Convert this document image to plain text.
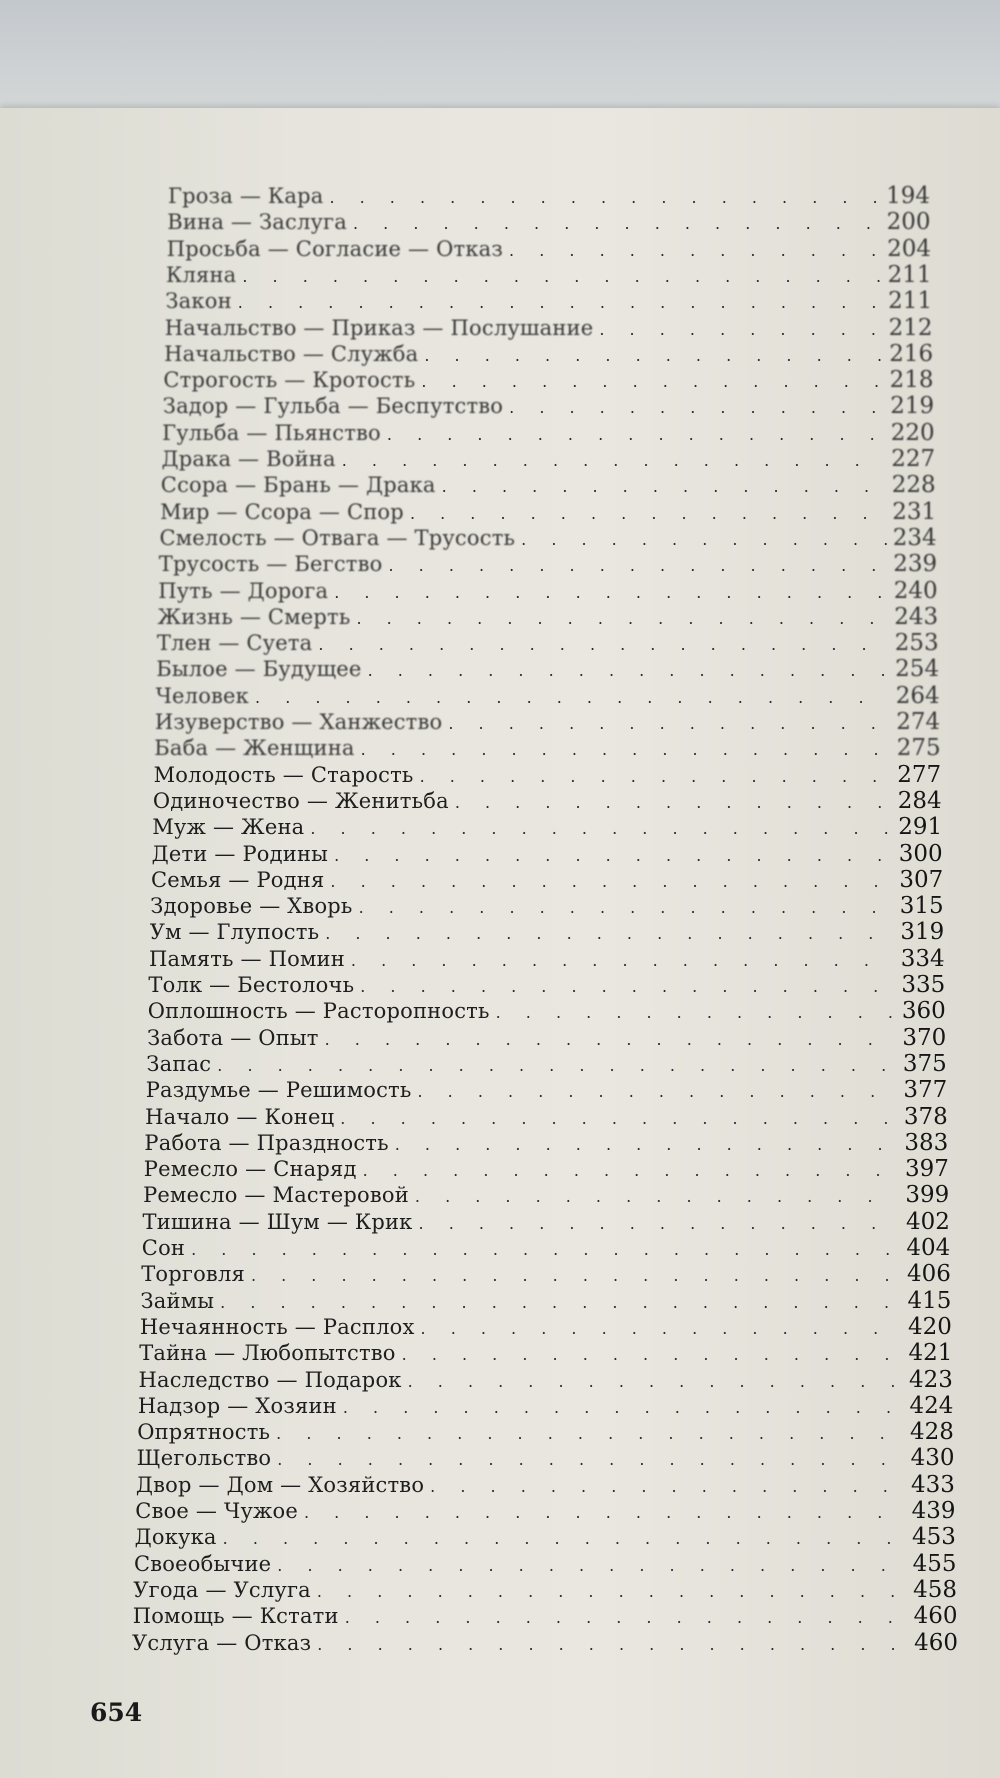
Гроза — Кара . . .	194
Вина — Заслуга . . .	200
Просьба — Согласие — Отказ . . .	204
Кляна . . .	211
Закон . . .	211
Начальство — Приказ — Послушание . . .	212
Начальство — Служба . . .	216
Строгость — Кротость . . .	218
Задор — Гульба — Беспутство . . .	219
Гульба — Пьянство . . .	220
Драка — Война . . .	227
Ссора — Брань — Драка . . .	228
Мир — Ссора — Спор . . .	231
Смелость — Отвага — Трусость . . .	234
Трусость — Бегство . . .	239
Путь — Дорога . . .	240
Жизнь — Смерть . . .	243
Тлен — Суета . . .	253
Былое — Будущее . . .	254
Человек . . .	264
Изуверство — Ханжество . . .	274
Баба — Женщина . . .	275
Молодость — Старость . . .	277
Одиночество — Женитьба . . .	284
Муж — Жена . . .	291
Дети — Родины . . .	300
Семья — Родня . . .	307
Здоровье — Хворь . . .	315
Ум — Глупость . . .	319
Память — Помин . . .	334
Толк — Бестолочь . . .	335
Оплошность — Расторопность . . .	360
Забота — Опыт . . .	370
Запас . . .	375
Раздумье — Решимость . . .	377
Начало — Конец . . .	378
Работа — Праздность . . .	383
Ремесло — Снаряд . . .	397
Ремесло — Мастеровой . . .	399
Тишина — Шум — Крик . . .	402
Сон . . .	404
Торговля . . .	406
Займы . . .	415
Нечаянность — Расплох . . .	420
Тайна — Любопытство . . .	421
Наследство — Подарок . . .	423
Надзор — Хозяин . . .	424
Опрятность . . .	428
Щегольство . . .	430
Двор — Дом — Хозяйство . . .	433
Свое — Чужое . . .	439
Докука . . .	453
Своеобычие . . .	455
Угода — Услуга . . .	458
Помощь — Кстати . . .	460
Услуга — Отказ . . .	460
654
